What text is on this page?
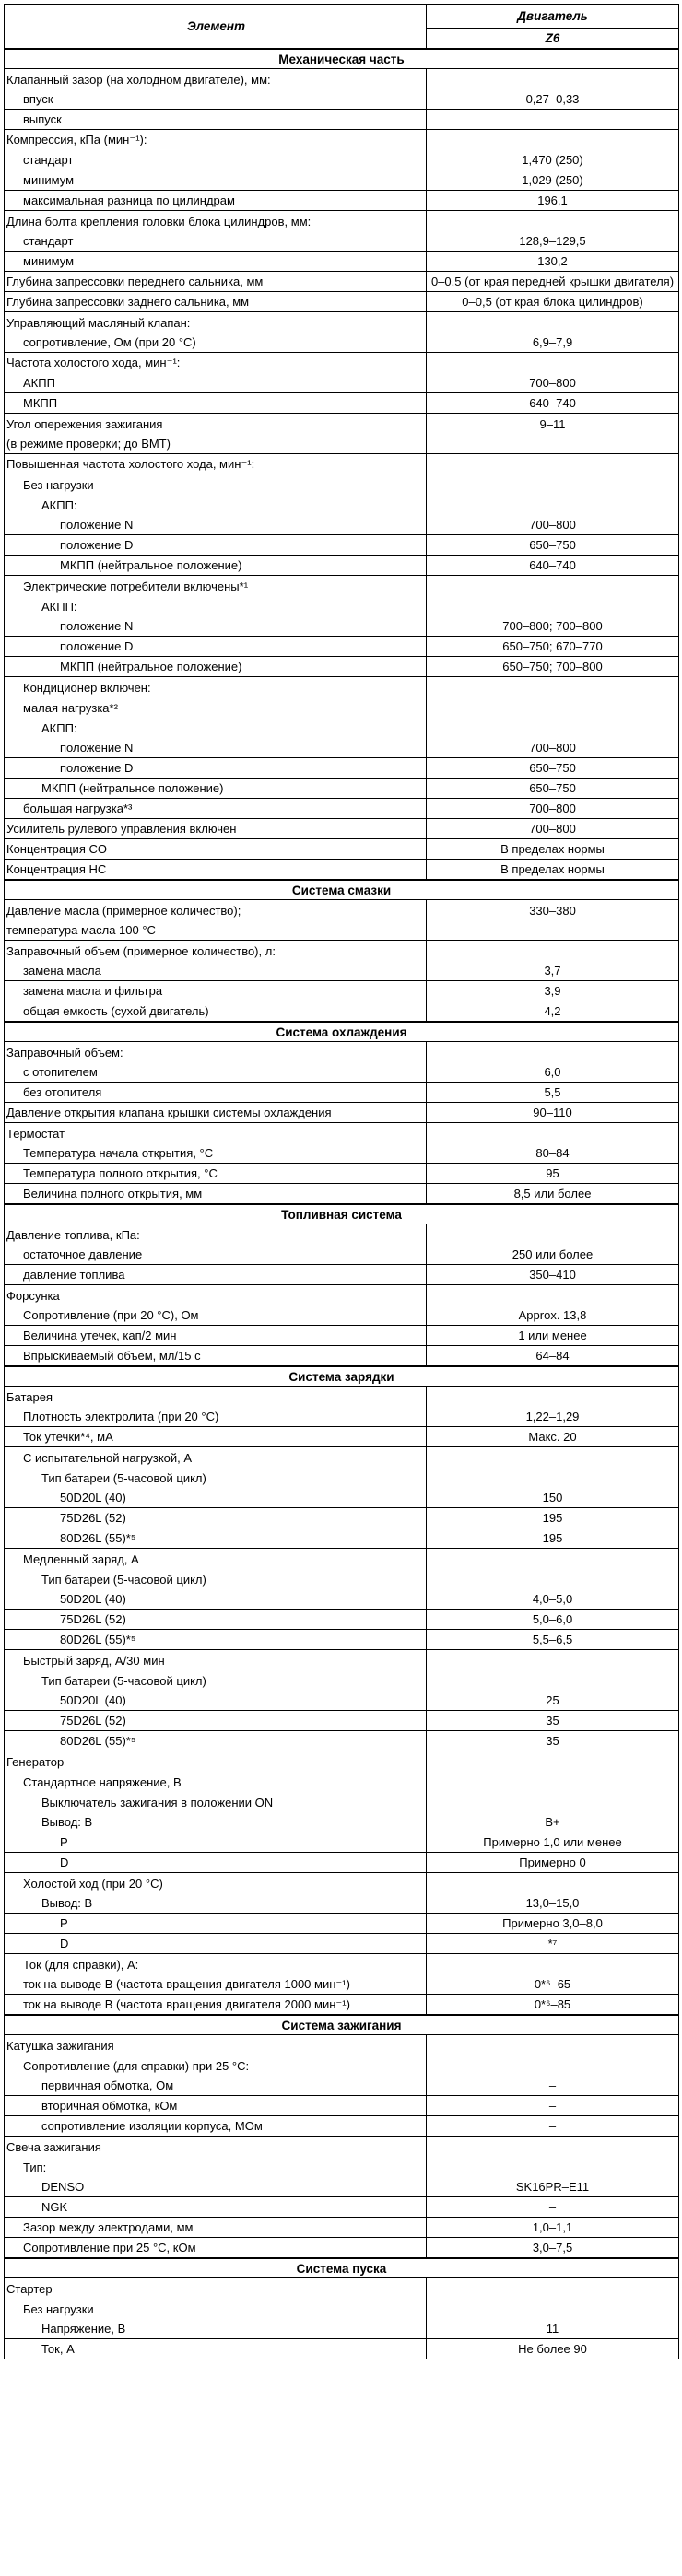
Элемент
Двигатель
Z6
Механическая часть
Клапанный зазор (на холодном двигателе), мм:
впуск	0,27–0,33
выпуск
Компрессия, кПа (мин⁻¹):
стандарт	1,470 (250)
минимум	1,029 (250)
максимальная разница по цилиндрам	196,1
Длина болта крепления головки блока цилиндров, мм:
стандарт	128,9–129,5
минимум	130,2
Глубина запрессовки переднего сальника, мм	0–0,5 (от края передней крышки двигателя)
Глубина запрессовки заднего сальника, мм	0–0,5 (от края блока цилиндров)
Управляющий масляный клапан:
сопротивление, Ом (при 20 °C)	6,9–7,9
Частота холостого хода, мин⁻¹:
АКПП	700–800
МКПП	640–740
Угол опережения зажигания	9–11
(в режиме проверки; до ВМТ)
Повышенная частота холостого хода, мин⁻¹:
Без нагрузки
АКПП:
положение N	700–800
положение D	650–750
МКПП (нейтральное положение)	640–740
Электрические потребители включены*¹
АКПП:
положение N	700–800; 700–800
положение D	650–750; 670–770
МКПП (нейтральное положение)	650–750; 700–800
Кондиционер включен:
малая нагрузка*²
АКПП:
положение N	700–800
положение D	650–750
МКПП (нейтральное положение)	650–750
большая нагрузка*³	700–800
Усилитель рулевого управления включен	700–800
Концентрация CO	В пределах нормы
Концентрация HC	В пределах нормы
Система смазки
Давление масла (примерное количество);	330–380
температура масла 100 °C
Заправочный объем (примерное количество), л:
замена масла	3,7
замена масла и фильтра	3,9
общая емкость (сухой двигатель)	4,2
Система охлаждения
Заправочный объем:
с отопителем	6,0
без отопителя	5,5
Давление открытия клапана крышки системы охлаждения	90–110
Термостат
Температура начала открытия, °C	80–84
Температура полного открытия, °C	95
Величина полного открытия, мм	8,5 или более
Топливная система
Давление топлива, кПа:
остаточное давление	250 или более
давление топлива	350–410
Форсунка
Сопротивление (при 20 °C), Ом	Approx. 13,8
Величина утечек, кап/2 мин	1 или менее
Впрыскиваемый объем, мл/15 с	64–84
Система зарядки
Батарея
Плотность электролита (при 20 °C)	1,22–1,29
Ток утечки*⁴, мА	Макс. 20
С испытательной нагрузкой, А
Тип батареи (5-часовой цикл)
50D20L (40)	150
75D26L (52)	195
80D26L (55)*⁵	195
Медленный заряд, А
Тип батареи (5-часовой цикл)
50D20L (40)	4,0–5,0
75D26L (52)	5,0–6,0
80D26L (55)*⁵	5,5–6,5
Быстрый заряд, А/30 мин
Тип батареи (5-часовой цикл)
50D20L (40)	25
75D26L (52)	35
80D26L (55)*⁵	35
Генератор
Стандартное напряжение, В
Выключатель зажигания в положении ON
Вывод: B	B+
P	Примерно 1,0 или менее
D	Примерно 0
Холостой ход (при 20 °C)
Вывод: B	13,0–15,0
P	Примерно 3,0–8,0
D	*⁷
Ток (для справки), А:
ток на выводе B (частота вращения двигателя 1000 мин⁻¹)	0*⁶–65
ток на выводе B (частота вращения двигателя 2000 мин⁻¹)	0*⁶–85
Система зажигания
Катушка зажигания
Сопротивление (для справки) при 25 °C:
первичная обмотка, Ом	–
вторичная обмотка, кОм	–
сопротивление изоляции корпуса, МОм	–
Свеча зажигания
Тип:
DENSO	SK16PR–E11
NGK	–
Зазор между электродами, мм	1,0–1,1
Сопротивление при 25 °C, кОм	3,0–7,5
Система пуска
Стартер
Без нагрузки
Напряжение, В	11
Ток, А	Не более 90
